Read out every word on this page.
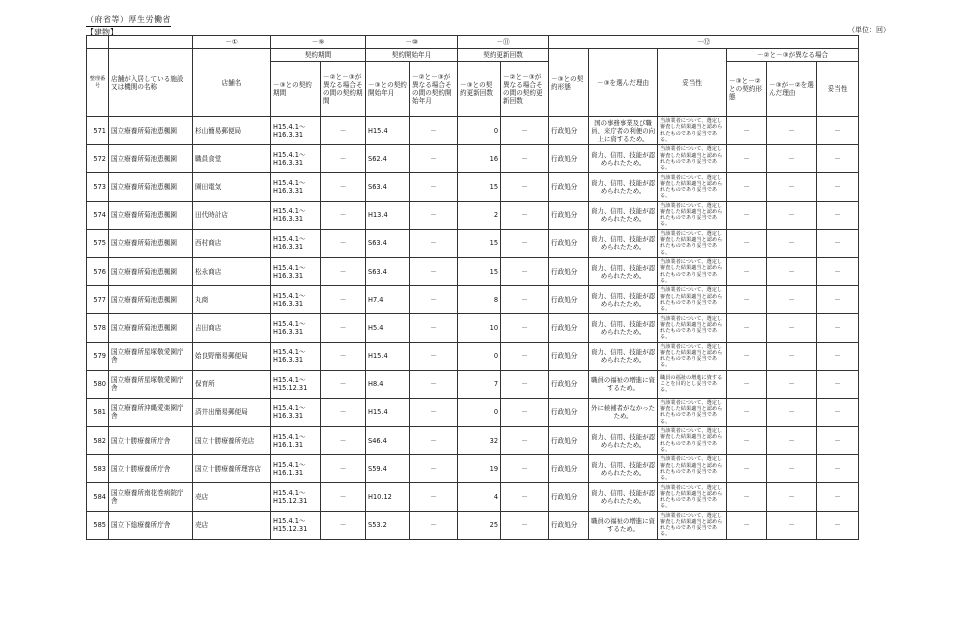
（府省等）厚生労働省
【建物】	（単位：回）
		－①	－⑨		－⑩		－⑪		－⑫					
整理番号	店舗が入居している施設又は機関の名称	店舗名	契約期間		契約開始年月		契約更新回数		－③との契約形態	－③を選んだ理由	妥当性	－②と－③が異なる場合		
			－③との契約期間	－②と－③が異なる場合その間の契約期間	－③との契約開始年月	－②と－③が異なる場合その間の契約開始年月	－③との契約更新回数	－②と－③が異なる場合その間の契約更新回数				－③と－②との契約形態	－③が－②を選んだ理由	妥当性
571	国立療養所菊池恵楓園	杉山簡易郵便局	H15.4.1～H16.3.31	－	H15.4	－	0	－	行政処分	国の事務事業及び職員、来庁者の利便の向上に資するため。	当該業者について、選定し審査した結果適当と認められたものであり妥当である。	－	－	－
572	国立療養所菊池恵楓園	職員食堂	H15.4.1～H16.3.31	－	S62.4	－	16	－	行政処分	資力、信用、技能が認められたため。	当該業者について、選定し審査した結果適当と認められたものであり妥当である。	－	－	－
573	国立療養所菊池恵楓園	園田電気	H15.4.1～H16.3.31	－	S63.4	－	15	－	行政処分	資力、信用、技能が認められたため。	当該業者について、選定し審査した結果適当と認められたものであり妥当である。	－	－	－
574	国立療養所菊池恵楓園	田代時計店	H15.4.1～H16.3.31	－	H13.4	－	2	－	行政処分	資力、信用、技能が認められたため。	当該業者について、選定し審査した結果適当と認められたものであり妥当である。	－	－	－
575	国立療養所菊池恵楓園	西村商店	H15.4.1～H16.3.31	－	S63.4	－	15	－	行政処分	資力、信用、技能が認められたため。	当該業者について、選定し審査した結果適当と認められたものであり妥当である。	－	－	－
576	国立療養所菊池恵楓園	松永商店	H15.4.1～H16.3.31	－	S63.4	－	15	－	行政処分	資力、信用、技能が認められたため。	当該業者について、選定し審査した結果適当と認められたものであり妥当である。	－	－	－
577	国立療養所菊池恵楓園	丸商	H15.4.1～H16.3.31	－	H7.4	－	8	－	行政処分	資力、信用、技能が認められたため。	当該業者について、選定し審査した結果適当と認められたものであり妥当である。	－	－	－
578	国立療養所菊池恵楓園	吉田商店	H15.4.1～H16.3.31	－	H5.4	－	10	－	行政処分	資力、信用、技能が認められたため。	当該業者について、選定し審査した結果適当と認められたものであり妥当である。	－	－	－
579	国立療養所星塚敬愛園庁舎	姶良野簡易郵便局	H15.4.1～H16.3.31	－	H15.4	－	0	－	行政処分	資力、信用、技能が認められたため。	当該業者について、選定し審査した結果適当と認められたものであり妥当である。	－	－	－
580	国立療養所星塚敬愛園庁舎	保育所	H15.4.1～H15.12.31	－	H8.4	－	7	－	行政処分	職員の福祉の増進に資するため。	職員の福祉の増進に資することを目的とし妥当である。	－	－	－
581	国立療養所沖縄愛楽園庁舎	済井出簡易郵便局	H15.4.1～H16.3.31	－	H15.4	－	0	－	行政処分	外に候補者がなかったため。	当該業者について、選定し審査した結果適当と認められたものであり妥当である。	－	－	－
582	国立十勝療養所庁舎	国立十勝療養所売店	H15.4.1～H16.1.31	－	S46.4	－	32	－	行政処分	資力、信用、技能が認められたため。	当該業者について、選定し審査した結果適当と認められたものであり妥当である。	－	－	－
583	国立十勝療養所庁舎	国立十勝療養所理容店	H15.4.1～H16.1.31	－	S59.4	－	19	－	行政処分	資力、信用、技能が認められたため。	当該業者について、選定し審査した結果適当と認められたものであり妥当である。	－	－	－
584	国立療養所南花巻病院庁舎	売店	H15.4.1～H15.12.31	－	H10.12	－	4	－	行政処分	資力、信用、技能が認められたため。	当該業者について、選定し審査した結果適当と認められたものであり妥当である。	－	－	－
585	国立下総療養所庁舎	売店	H15.4.1～H15.12.31	－	S53.2	－	25	－	行政処分	職員の福祉の増進に資するため。	当該業者について、選定し審査した結果適当と認められたものであり妥当である。	－	－	－
